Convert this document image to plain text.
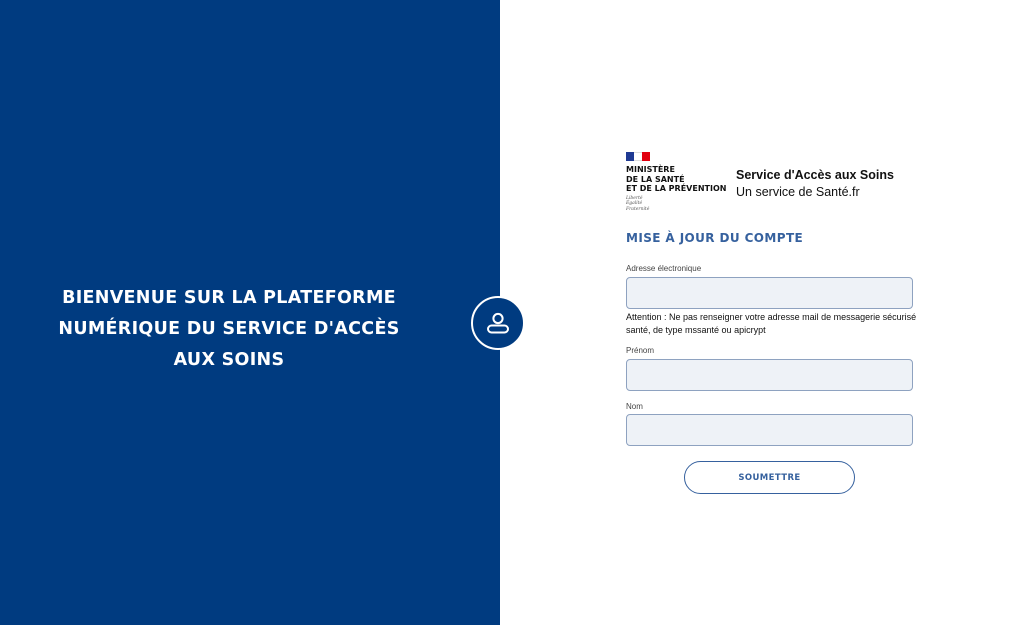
BIENVENUE SUR LA PLATEFORME
NUMÉRIQUE DU SERVICE D'ACCÈS
AUX SOINS
MINISTÈRE
DE LA SANTÉ
ET DE LA PRÉVENTION
Liberté
Égalité
Fraternité
Service d'Accès aux Soins
Un service de Santé.fr
MISE À JOUR DU COMPTE
Adresse électronique
Attention : Ne pas renseigner votre adresse mail de messagerie sécurisé santé, de type mssanté ou apicrypt
Prénom
Nom
SOUMETTRE
